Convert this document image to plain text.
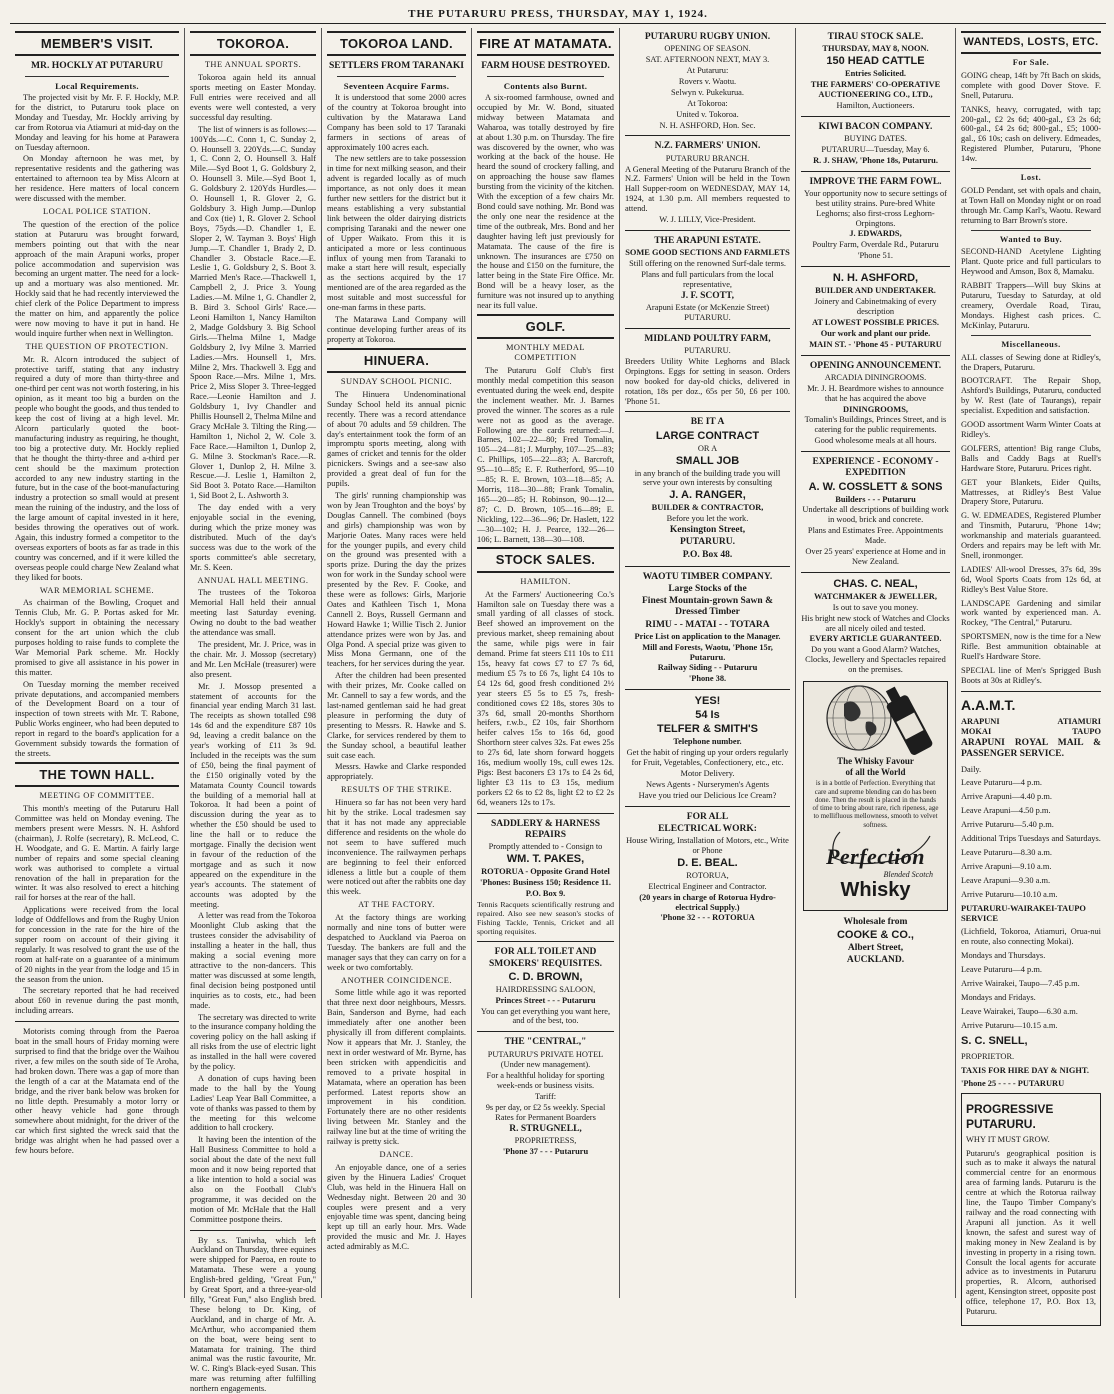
THE PUTARURU PRESS, THURSDAY, MAY 1, 1924.
MEMBER'S VISIT.
MR. HOCKLY AT PUTARURU
Local Requirements.

The projected visit by Mr. F. F. Hockly, M.P. for the district, to Putaruru took place on Monday and Tuesday, Mr. Hockly arriving by car from Rotorua via Atiamuri at mid-day on the Monday and leaving for his home at Parawera on Tuesday afternoon.

On Monday afternoon he was met, by representative residents and the gathering was entertained to afternoon tea by Miss Alcorn at her residence. Here matters of local concern were discussed with the member.

LOCAL POLICE STATION.

The question of the erection of the police station at Putaruru was brought forward, members pointing out that with the near approach of the main Arapuni works, proper police accommodation and supervision was becoming an urgent matter. The need for a lock-up and a mortuary was also mentioned. Mr. Hockly said that he had recently interviewed the chief clerk of the Police Department to impress the matter on him, and apparently the police were now moving to have it put in hand. He would inquire further when next in Wellington.

THE QUESTION OF PROTECTION.

Mr. R. Alcorn introduced the subject of protective tariff, stating that any industry required a duty of more than thirty-three and one-third per cent was not worth fostering, in his opinion, as it meant too big a burden on the people who bought the goods, and thus tended to keep the cost of living at a high level. Mr. Alcorn particularly quoted the boot-manufacturing industry as requiring, he thought, too big a protective duty. Mr. Hockly replied that he thought the thirty-three and a-third per cent should be the maximum protection accorded to any new industry starting in the future, but in the case of the boot-manufacturing industry a protection so small would at present mean the ruining of the industry, and the loss of the large amount of capital invested in it here, besides throwing the operatives out of work. Again, this industry formed a competitor to the overseas exporters of boots as far as trade in this country was concerned, and if it were killed the overseas people could charge New Zealand what they liked for boots.

WAR MEMORIAL SCHEME.

As chairman of the Bowling, Croquet and Tennis Club, Mr. G. P. Portas asked for Mr. Hockly's support in obtaining the necessary consent for the art union which the club purposes holding to raise funds to complete the War Memorial Park scheme. Mr. Hockly promised to give all assistance in his power in this matter.

On Tuesday morning the member received private deputations, and accompanied members of the Development Board on a tour of inspection of town streets with Mr. T. Rabone, Public Works engineer, who had been deputed to report in regard to the board's application for a Government subsidy towards the formation of the streets.

THE TOWN HALL.
MEETING OF COMMITTEE.

This month's meeting of the Putaruru Hall Committee was held on Monday evening. The members present were Messrs. N. H. Ashford (chairman), J. Rolfe (secretary), R. McLeod, C. H. Woodgate, and G. E. Martin. A fairly large number of repairs and some special cleaning work was authorised to complete a virtual renovation of the hall in preparation for the winter. It was also resolved to erect a hitching rail for horses at the rear of the hall.

Applications were received from the local lodge of Oddfellows and from the Rugby Union for concession in the rate for the hire of the supper room on account of their giving it regularly. It was resolved to grant the use of the room at half-rate on a guarantee of a minimum of 20 nights in the year from the lodge and 15 in the season from the union.

The secretary reported that he had received about £60 in revenue during the past month, including arrears.

Motorists coming through from the Paeroa boat in the small hours of Friday morning were surprised to find that the bridge over the Waihou river, a few miles on the south side of Te Aroha, had broken down. There was a gap of more than the length of a car at the Matamata end of the bridge, and the river bank below was broken for no little depth. Presumably a motor lorry or other heavy vehicle had gone through somewhere about midnight, for the driver of the car which first sighted the wreck said that the bridge was alright when he had passed over a few hours before.

TOKOROA.
THE ANNUAL SPORTS.

Tokoroa again held its annual sports meeting on Easter Monday. Full entries were received and all events were well contested, a very successful day resulting.

The list of winners is as follows:—100Yds.—C. Conn 1, C. Sunday 2, O. Hounsell 3. 220Yds.—C. Sunday 1, C. Conn 2, O. Hounsell 3. Half Mile.—Syd Boot 1, G. Goldsbury 2, O. Hounsell 3. Mile.—Syd Boot 1, G. Goldsbury 2. 120Yds Hurdles.—O. Hounsell 1, R. Glover 2, G. Goldsbury 3. High Jump.—Dunlop and Cox (tie) 1, R. Glover 2. School Boys, 75yds.—D. Chandler 1, E. Sloper 2, W. Tayman 3. Boys' High Jump.—T. Chandler 1, Brady 2, D. Chandler 3. Obstacle Race.—E. Leslie 1, G. Goldsbury 2, S. Boot 3. Married Men's Race.—Thackwell 1, Campbell 2, J. Price 3. Young Ladies.—M. Milne 1, G. Chandler 2, B. Bird 3. School Girls' Race.—Leoni Hamilton 1, Nancy Hamilton 2, Madge Goldsbury 3. Big School Girls.—Thelma Milne 1, Madge Goldsbury 2, Ivy Milne 3. Married Ladies.—Mrs. Hounsell 1, Mrs. Milne 2, Mrs. Thackwell 3. Egg and Spoon Race.—Mrs. Milne 1, Mrs. Price 2, Miss Sloper 3. Three-legged Race.—Leonie Hamilton and J. Goldsbury 1, Ivy Chandler and Phillis Hounsell 2, Thelma Milne and Gracy McHale 3. Tilting the Ring.—Hamilton 1, Nichol 2, W. Cole 3. Face Race.—Hamilton 1, Dunlop 2, G. Milne 3. Stockman's Race.—R. Glover 1, Dunlop 2, H. Milne 3. Rescue.—J. Leslie 1, Hamilton 2, Sid Boot 3. Potato Race.—Hamilton 1, Sid Boot 2, L. Ashworth 3.

The day ended with a very enjoyable social in the evening, during which the prize money was distributed. Much of the day's success was due to the work of the sports committee's able secretary, Mr. S. Keen.

ANNUAL HALL MEETING.

The trustees of the Tokoroa Memorial Hall held their annual meeting last Saturday evening. Owing no doubt to the bad weather the attendance was small.

The president, Mr. J. Price, was in the chair. Mr. J. Mossop (secretary) and Mr. Len McHale (treasurer) were also present.

Mr. J. Mossop presented a statement of accounts for the financial year ending March 31 last. The receipts as shown totalled £98 14s 6d and the expenditure £87 10s 9d, leaving a credit balance on the year's working of £11 3s 9d. Included in the receipts was the sum of £50, being the final payment of the £150 originally voted by the Matamata County Council towards the building of a memorial hall at Tokoroa. It had been a point of discussion during the year as to whether the £50 should be used to line the hall or to reduce the mortgage. Finally the decision went in favour of the reduction of the mortgage and as such it now appeared on the expenditure in the year's accounts. The statement of accounts was adopted by the meeting.

A letter was read from the Tokoroa Moonlight Club asking that the trustees consider the advisability of installing a heater in the hall, thus making a social evening more attractive to the non-dancers. This matter was discussed at some length, final decision being postponed until inquiries as to costs, etc., had been made.

The secretary was directed to write to the insurance company holding the covering policy on the hall asking if all risks from the use of electric light as installed in the hall were covered by the policy.

A donation of cups having been made to the hall by the Young Ladies' Leap Year Ball Committee, a vote of thanks was passed to them by the meeting for this welcome addition to hall crockery.

It having been the intention of the Hall Business Committee to hold a social about the date of the next full moon and it now being reported that a like intention to hold a social was also on the Football Club's programme, it was decided on the motion of Mr. McHale that the Hall Committee postpone theirs.

By s.s. Taniwha, which left Auckland on Thursday, three equines were shipped for Paeroa, en route to Matamata. These were a young English-bred gelding, "Great Fun," by Great Sport, and a three-year-old filly, "Great Fun," also English bred. These belong to Dr. King, of Auckland, and in charge of Mr. A. McArthur, who accompanied them on the boat, were being sent to Matamata for training. The third animal was the rustic favourite, Mr. W. C. Ring's Black-eyed Susan. This mare was returning after fulfilling northern engagements.

TOKOROA LAND.
SETTLERS FROM TARANAKI
Seventeen Acquire Farms.

It is understood that some 2000 acres of the country at Tokoroa brought into cultivation by the Matarawa Land Company has been sold to 17 Taranaki farmers in sections of areas of approximately 100 acres each.

The new settlers are to take possession in time for next milking season, and their advent is regarded locally as of much importance, as not only does it mean further new settlers for the district but it means establishing a very substantial link between the older dairying districts comprising Taranaki and the newer one of Upper Waikato. From this it is anticipated a more or less continuous influx of young men from Taranaki to make a start here will result, especially as the sections acquired by the 17 mentioned are of the area regarded as the most suitable and most successful for one-man farms in these parts.

The Matarawa Land Company will continue developing further areas of its property at Tokoroa.

HINUERA.
SUNDAY SCHOOL PICNIC.

The Hinuera Undenominational Sunday School held its annual picnic recently. There was a record attendance of about 70 adults and 59 children. The day's entertainment took the form of an impromptu sports meeting, along with games of cricket and tennis for the older picnickers. Swings and a see-saw also provided a great deal of fun for the pupils.

The girls' running championship was won by Jean Troughton and the boys' by Douglas Cannell. The combined (boys and girls) championship was won by Marjorie Oates. Many races were held for the younger pupils, and every child on the ground was presented with a sports prize. During the day the prizes won for work in the Sunday school were presented by the Rev. F. Cooke, and these were as follows: Girls, Marjorie Oates and Kathleen Tisch 1, Mona Cannell 2. Boys, Russell Germann and Howard Hawke 1; Willie Tisch 2. Junior attendance prizes were won by Jas. and Olga Pond. A special prize was given to Miss Mona Germann, one of the teachers, for her services during the year.

After the children had been presented with their prizes, Mr. Cooke called on Mr. Cannell to say a few words, and the last-named gentleman said he had great pleasure in performing the duty of presenting to Messrs. R. Hawke and S. Clarke, for services rendered by them to the Sunday school, a beautiful leather suit case each.

Messrs. Hawke and Clarke responded appropriately.

RESULTS OF THE STRIKE.

Hinuera so far has not been very hard hit by the strike. Local tradesmen say that it has not made any appreciable difference and residents on the whole do not seem to have suffered much inconvenience. The railwaymen perhaps are beginning to feel their enforced idleness a little but a couple of them were noticed out after the rabbits one day this week.

AT THE FACTORY.

At the factory things are working normally and nine tons of butter were despatched to Auckland via Paeroa on Tuesday. The bankers are full and the manager says that they can carry on for a week or two comfortably.

ANOTHER COINCIDENCE.

Some little while ago it was reported that three next door neighbours, Messrs. Bain, Sanderson and Byrne, had each immediately after one another been physically ill from different complaints. Now it appears that Mr. J. Stanley, the next in order westward of Mr. Byrne, has been stricken with appendicitis and removed to a private hospital in Matamata, where an operation has been performed. Latest reports show an improvement in his condition. Fortunately there are no other residents living between Mr. Stanley and the railway line but at the time of writing the railway is pretty sick.

DANCE.

An enjoyable dance, one of a series given by the Hinuera Ladies' Croquet Club, was held in the Hinuera Hall on Wednesday night. Between 20 and 30 couples were present and a very enjoyable time was spent, dancing being kept up till an early hour. Mrs. Wade provided the music and Mr. J. Hayes acted admirably as M.C.

FIRE AT MATAMATA.
FARM HOUSE DESTROYED.
Contents also Burnt.

A six-roomed farmhouse, owned and occupied by Mr. W. Bond, situated midway between Matamata and Waharoa, was totally destroyed by fire at about 1.30 p.m. on Thursday. The fire was discovered by the owner, who was working at the back of the house. He heard the sound of crockery falling, and on approaching the house saw flames bursting from the vicinity of the kitchen. With the exception of a few chairs Mr. Bond could save nothing. Mr. Bond was the only one near the residence at the time of the outbreak, Mrs. Bond and her daughter having left just previously for Matamata. The cause of the fire is unknown. The insurances are £750 on the house and £150 on the furniture, the latter being in the State Fire Office. Mr. Bond will be a heavy loser, as the furniture was not insured up to anything near its full value.

GOLF.
MONTHLY MEDAL COMPETITION

The Putaruru Golf Club's first monthly medal competition this season eventuated during the week end, despite the inclement weather. Mr. J. Barnes proved the winner. The scores as a rule were not as good as the average. Following are the cards returned:—J. Barnes, 102—22—80; Fred Tomalin, 105—24—81; J. Murphy, 107—25—83; C. Phillips, 105—22—83; A. Barcroft, 95—10—85; E. F. Rutherford, 95—10—85; R. E. Brown, 103—18—85; A. Morris, 118—30—88; Frank Tomalin, 165—20—85; H. Robinson, 90—12—87; C. D. Brown, 105—16—89; E. Nickling, 122—36—96; Dr. Haslett, 122—30—102; H. J. Pearce, 132—26—106; L. Barnett, 138—30—108.

STOCK SALES.
HAMILTON.

At the Farmers' Auctioneering Co.'s Hamilton sale on Tuesday there was a small yarding of all classes of stock. Beef showed an improvement on the previous market, sheep remaining about the same, while pigs were in fair demand. Prime fat steers £11 10s to £11 15s, heavy fat cows £7 to £7 7s 6d, medium £5 7s to £6 7s, light £4 10s to £4 12s 6d, good fresh conditioned 2½ year steers £5 5s to £5 7s, fresh-conditioned cows £2 18s, stores 30s to 37s 6d, small 20-months Shorthorn heifers, r.w.b., £2 10s, fair Shorthorn heifer calves 15s to 16s 6d, good Shorthorn steer calves 32s. Fat ewes 25s to 27s 6d, late shorn forward hoggets 16s, medium woolly 19s, cull ewes 12s. Pigs: Best baconers £3 17s to £4 2s 6d, lighter £3 11s to £3 15s, medium porkers £2 6s to £2 8s, light £2 to £2 2s 6d, weaners 12s to 17s.

SADDLERY & HARNESS REPAIRS

Promptly attended to - Consign to

WM. T. PAKES,

ROTORUA - Opposite Grand Hotel

'Phones: Business 150; Residence 11.

P.O. Box 9.

Tennis Racquets scientifically restrung and repaired. Also see new season's stocks of Fishing Tackle, Tennis, Cricket and all sporting requisites.

FOR ALL TOILET AND SMOKERS' REQUISITES.

C. D. BROWN,

HAIRDRESSING SALOON,

Princes Street - - - Putaruru

You can get everything you want here, and of the best, too.

THE "CENTRAL,"

PUTARURU'S PRIVATE HOTEL

(Under new management).

For a healthful holiday for sporting week-ends or business visits.

Tariff:

9s per day, or £2 5s weekly. Special Rates for Permanent Boarders

R. STRUGNELL,

PROPRIETRESS,

'Phone 37 - - - Putaruru

PUTARURU RUGBY UNION.

OPENING OF SEASON.

SAT. AFTERNOON NEXT, MAY 3.

At Putaruru:

Rovers v. Waotu.

Selwyn v. Pukekurua.

At Tokoroa:

United v. Tokoroa.

N. H. ASHFORD, Hon. Sec.

N.Z. FARMERS' UNION.

PUTARURU BRANCH.

A General Meeting of the Putaruru Branch of the N.Z. Farmers' Union will be held in the Town Hall Supper-room on WEDNESDAY, MAY 14, 1924, at 1.30 p.m. All members requested to attend.

W. J. LILLY, Vice-President.

THE ARAPUNI ESTATE.

SOME GOOD SECTIONS AND FARMLETS

Still offering on the renowned Surf-dale terms.

Plans and full particulars from the local representative,

J. F. SCOTT,

Arapuni Estate (or McKenzie Street) PUTARURU.

MIDLAND POULTRY FARM,

PUTARURU.

Breeders Utility White Leghorns and Black Orpingtons. Eggs for setting in season. Orders now booked for day-old chicks, delivered in rotation, 18s per doz., 65s per 50, £6 per 100. 'Phone 51.

BE IT A

LARGE CONTRACT

OR A

SMALL JOB

in any branch of the building trade you will serve your own interests by consulting

J. A. RANGER,

BUILDER & CONTRACTOR,

Before you let the work.

Kensington Street,

PUTARURU.

P.O. Box 48.

WAOTU TIMBER COMPANY.

Large Stocks of the

Finest Mountain-grown Sawn & Dressed Timber

RIMU - - MATAI - - TOTARA

Price List on application to the Manager.

Mill and Forests, Waotu, 'Phone 15r, Putaruru.

Railway Siding - - Putaruru

'Phone 38.

YES!

54 Is

TELFER & SMITH'S

Telephone number.

Get the habit of ringing up your orders regularly for Fruit, Vegetables, Confectionery, etc., etc.

Motor Delivery.

News Agents - Nurserymen's Agents

Have you tried our Delicious Ice Cream?

FOR ALL

ELECTRICAL WORK:

House Wiring, Installation of Motors, etc., Write or Phone

D. E. BEAL.

ROTORUA,

Electrical Engineer and Contractor.

(20 years in charge of Rotorua Hydro-electrical Supply.)

'Phone 32 - - - ROTORUA

TIRAU STOCK SALE.

THURSDAY, MAY 8, NOON.

150 HEAD CATTLE

Entries Solicited.

THE FARMERS' CO-OPERATIVE AUCTIONEERING CO., LTD.,

Hamilton, Auctioneers.

KIWI BACON COMPANY.

BUYING DATES.

PUTARURU—Tuesday, May 6.

R. J. SHAW, 'Phone 18s, Putaruru.

IMPROVE THE FARM FOWL.

Your opportunity now to secure settings of best utility strains. Pure-bred White Leghorns; also first-cross Leghorn-Orpingtons.

J. EDWARDS,

Poultry Farm, Overdale Rd., Putaruru

'Phone 51.

N. H. ASHFORD,

BUILDER AND UNDERTAKER.

Joinery and Cabinetmaking of every description

AT LOWEST POSSIBLE PRICES.

Our work and plant our pride.

MAIN ST. - 'Phone 45 - PUTARURU

OPENING ANNOUNCEMENT.

ARCADIA DININGROOMS.

Mr. J. H. Beardmore wishes to announce that he has acquired the above

DININGROOMS,

Tomalin's Buildings, Princes Street, and is catering for the public requirements.

Good wholesome meals at all hours.

EXPERIENCE - ECONOMY - EXPEDITION

A. W. COSSLETT & SONS

Builders - - - Putaruru

Undertake all descriptions of building work in wood, brick and concrete.

Plans and Estimates Free. Appointments Made.

Over 25 years' experience at Home and in New Zealand.

CHAS. C. NEAL,

WATCHMAKER & JEWELLER,

Is out to save you money.

His bright new stock of Watches and Clocks are all nicely oiled and tested.

EVERY ARTICLE GUARANTEED.

Do you want a Good Alarm? Watches, Clocks, Jewellery and Spectacles repaired on the premises.

The Whisky Favour

of all the World

is in a bottle of Perfection. Everything that care and supreme blending can do has been done. Then the result is placed in the hands of time to bring about rare, rich ripeness, age to mellifluous mellowness, smooth to velvet softness.

Perfection

Blended Scotch

Whisky

Wholesale from

COOKE & CO.,

Albert Street,

AUCKLAND.

WANTEDS, LOSTS, ETC.
For Sale.

GOING cheap, 14ft by 7ft Bach on skids, complete with good Dover Stove. F. Snell, Putaruru.

TANKS, heavy, corrugated, with tap; 200-gal., £2 2s 6d; 400-gal., £3 2s 6d; 600-gal., £4 2s 6d; 800-gal., £5; 1000-gal., £6 10s; cash on delivery. Edmeades, Registered Plumber, Putaruru, 'Phone 14w.

Lost.

GOLD Pendant, set with opals and chain, at Town Hall on Monday night or on road through Mr. Camp Karl's, Waotu. Reward returning to Barr Brown's store.

Wanted to Buy.

SECOND-HAND Acetylene Lighting Plant. Quote price and full particulars to Heywood and Amson, Box 8, Mamaku.

RABBIT Trappers—Will buy Skins at Putaruru, Tuesday to Saturday, at old creamery, Overdale Road, Tirau, Mondays. Highest cash prices. C. McKinlay, Putaruru.

Miscellaneous.

ALL classes of Sewing done at Ridley's, the Drapers, Putaruru.

BOOTCRAFT. The Repair Shop, Ashford's Buildings, Putaruru, conducted by W. Rest (late of Taurangs), repair specialist. Expedition and satisfaction.

GOOD assortment Warm Winter Coats at Ridley's.

GOLFERS, attention! Big range Clubs, Balls and Caddy Bags at Ruell's Hardware Store, Putaruru. Prices right.

GET your Blankets, Eider Quilts, Mattresses, at Ridley's Best Value Drapery Store, Putaruru.

G. W. EDMEADES, Registered Plumber and Tinsmith, Putaruru, 'Phone 14w; workmanship and materials guaranteed. Orders and repairs may be left with Mr. Snell, ironmonger.

LADIES' All-wool Dresses, 37s 6d, 39s 6d, Wool Sports Coats from 12s 6d, at Ridley's Best Value Store.

LANDSCAPE Gardening and similar work wanted by experienced man. A. Rockey, "The Central," Putaruru.

SPORTSMEN, now is the time for a New Rifle. Best ammunition obtainable at Ruell's Hardware Store.

SPECIAL line of Men's Sprigged Bush Boots at 30s at Ridley's.

A.A.M.T.

ARAPUNI	ATIAMURI
MOKAI	TAUPO

ARAPUNI ROYAL MAIL & PASSENGER SERVICE.

Daily.

Leave Putaruru—4 p.m.

Arrive Arapuni—4.40 p.m.

Leave Arapuni—4.50 p.m.

Arrive Putaruru—5.40 p.m.

Additional Trips Tuesdays and Saturdays.

Leave Putaruru—8.30 a.m.

Arrive Arapuni—9.10 a.m.

Leave Arapuni—9.30 a.m.

Arrive Putaruru—10.10 a.m.

PUTARURU-WAIRAKEI-TAUPO SERVICE

(Lichfield, Tokoroa, Atiamuri, Orua-nui en route, also connecting Mokai).

Mondays and Thursdays.

Leave Putaruru—4 p.m.

Arrive Wairakei, Taupo—7.45 p.m.

Mondays and Fridays.

Leave Wairakei, Taupo—6.30 a.m.

Arrive Putaruru—10.15 a.m.

S. C. SNELL,

PROPRIETOR.

TAXIS FOR HIRE DAY & NIGHT.

'Phone 25 - - - - PUTARURU

PROGRESSIVE PUTARURU.

WHY IT MUST GROW.

Putaruru's geographical position is such as to make it always the natural commercial centre for an enormous area of farming lands. Putaruru is the centre at which the Rotorua railway line, the Taupo Timber Company's railway and the road connecting with Arapuni all junction. As it well known, the safest and surest way of making money in New Zealand is by investing in property in a rising town. Consult the local agents for accurate advice as to investments in Putaruru properties, R. Alcorn, authorised agent, Kensington street, opposite post office, telephone 17, P.O. Box 13, Putaruru.
